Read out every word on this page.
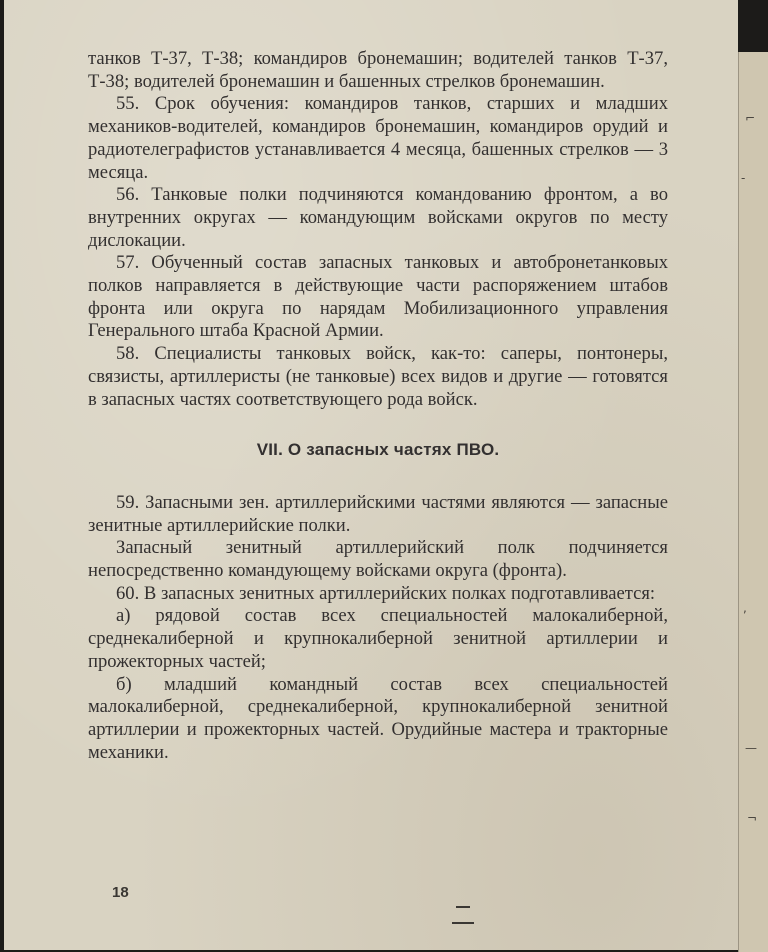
⌐
‐
,
—
¬

танков Т-37, Т-38; командиров бронемашин; водителей танков Т-37, Т-38; водителей бронемашин и башенных стрелков бронемашин.

55. Срок обучения: командиров танков, старших и младших механиков-водителей, командиров бронемашин, командиров орудий и радиотелеграфистов устанавливается 4 месяца, башенных стрелков — 3 месяца.

56. Танковые полки подчиняются командованию фронтом, а во внутренних округах — командующим войсками округов по месту дислокации.

57. Обученный состав запасных танковых и автобронетанковых полков направляется в действующие части распоряжением штабов фронта или округа по нарядам Мобилизационного управления Генерального штаба Красной Армии.

58. Специалисты танковых войск, как-то: саперы, понтонеры, связисты, артиллеристы (не танковые) всех видов и другие — готовятся в запасных частях соответствующего рода войск.

VII. О запасных частях ПВО.

59. Запасными зен. артиллерийскими частями являются — запасные зенитные артиллерийские полки.

Запасный зенитный артиллерийский полк подчиняется непосредственно командующему войсками округа (фронта).

60. В запасных зенитных артиллерийских полках подготавливается:

а) рядовой состав всех специальностей малокалиберной, среднекалиберной и крупнокалиберной зенитной артиллерии и прожекторных частей;

б) младший командный состав всех специальностей малокалиберной, среднекалиберной, крупнокалиберной зенитной артиллерии и прожекторных частей. Орудийные мастера и тракторные механики.

18
